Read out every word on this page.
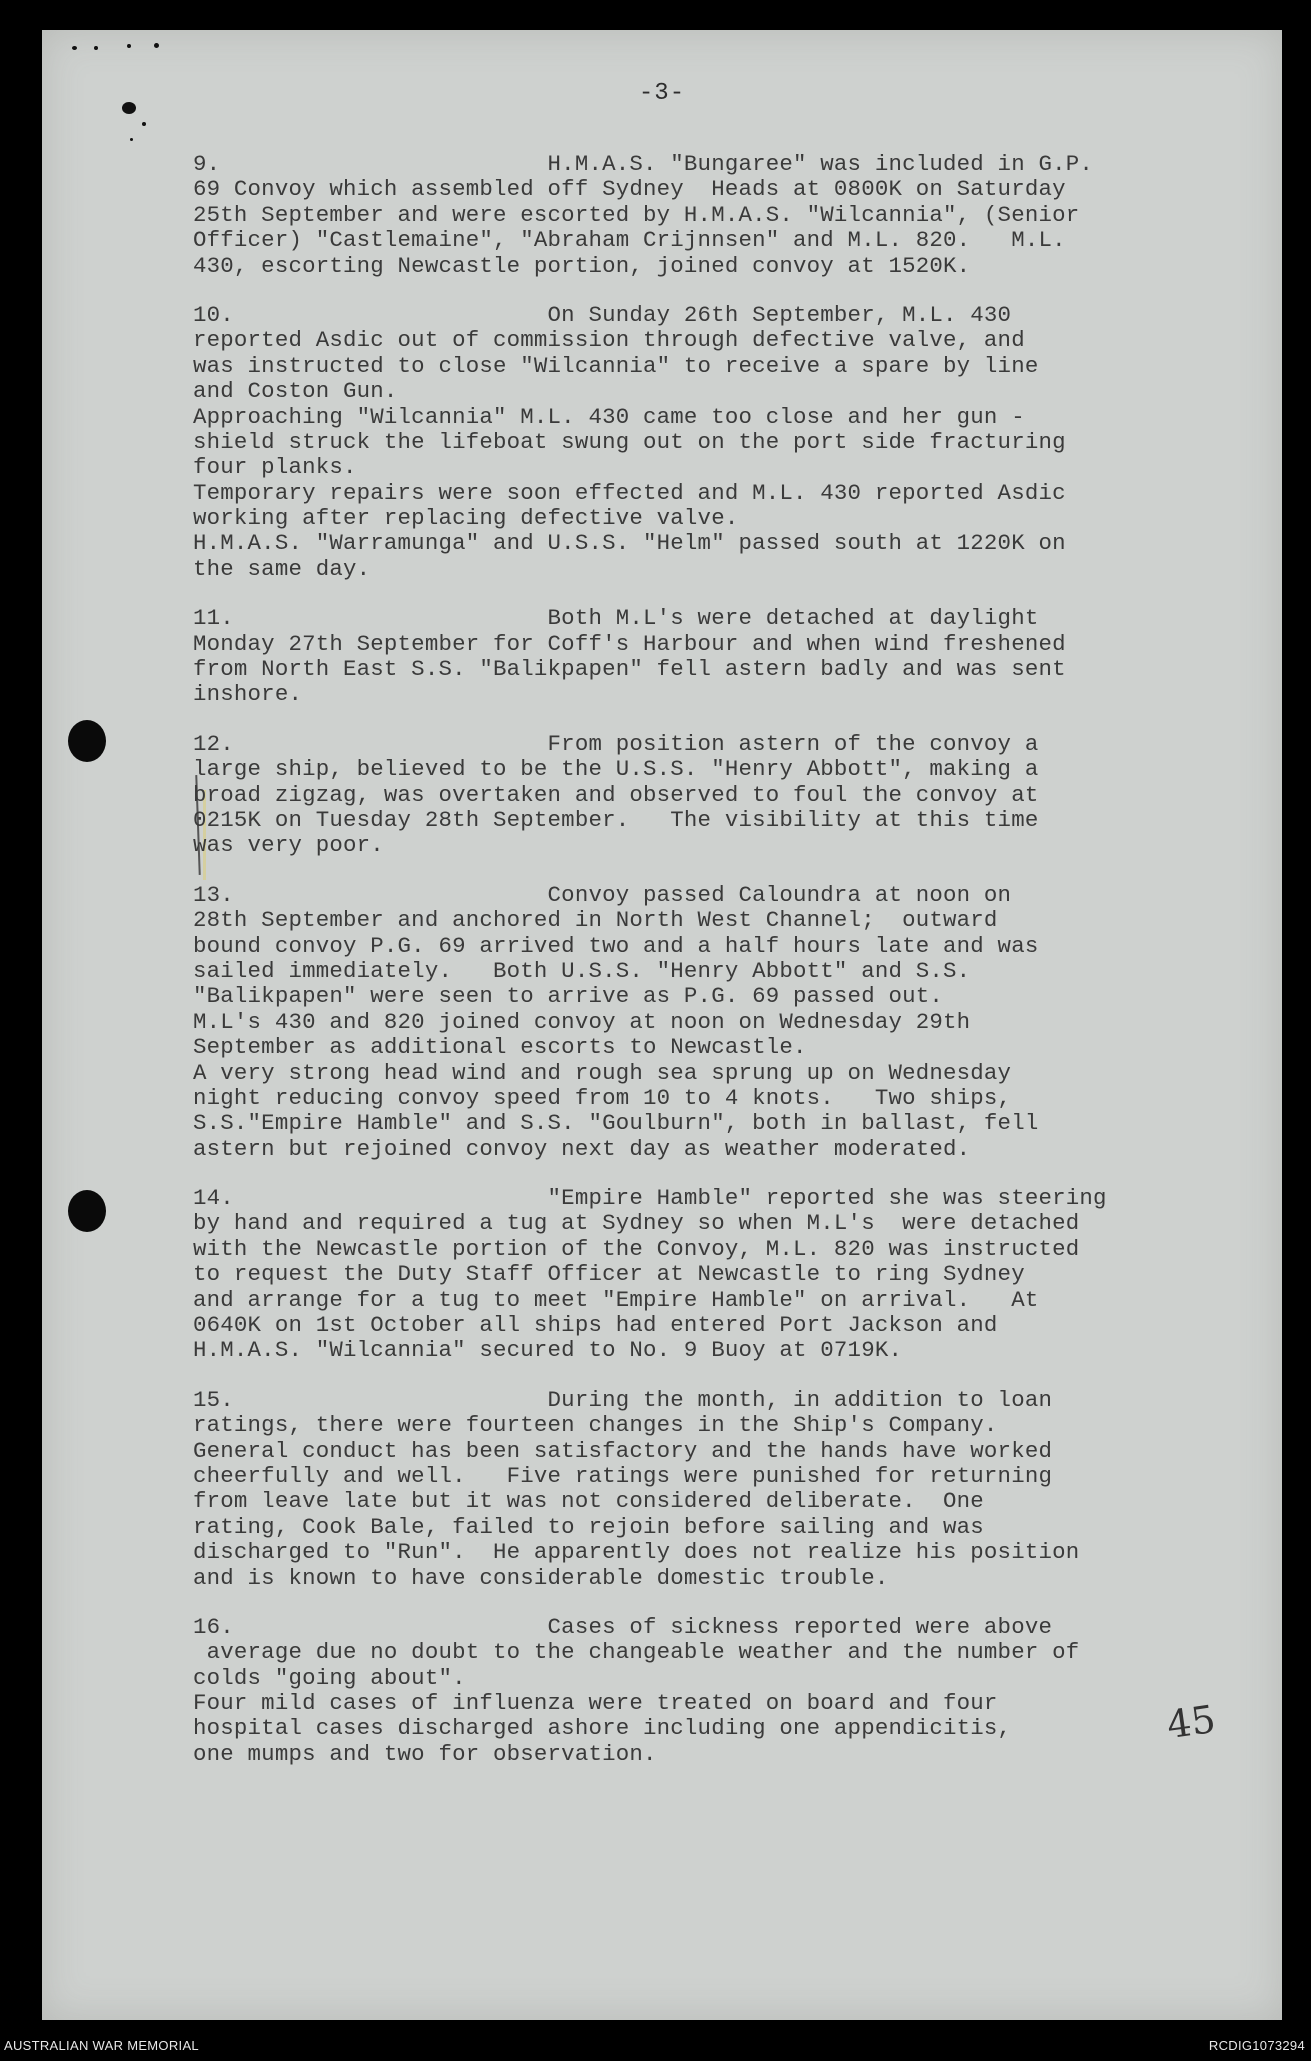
-3-
45
9.                        H.M.A.S. "Bungaree" was included in G.P.
69 Convoy which assembled off Sydney  Heads at 0800K on Saturday
25th September and were escorted by H.M.A.S. "Wilcannia", (Senior
Officer) "Castlemaine", "Abraham Crijnnsen" and M.L. 820.   M.L.
430, escorting Newcastle portion, joined convoy at 1520K.
10.                       On Sunday 26th September, M.L. 430
reported Asdic out of commission through defective valve, and
was instructed to close "Wilcannia" to receive a spare by line
and Coston Gun.
Approaching "Wilcannia" M.L. 430 came too close and her gun -
shield struck the lifeboat swung out on the port side fracturing
four planks.
Temporary repairs were soon effected and M.L. 430 reported Asdic
working after replacing defective valve.
H.M.A.S. "Warramunga" and U.S.S. "Helm" passed south at 1220K on
the same day.
11.                       Both M.L's were detached at daylight
Monday 27th September for Coff's Harbour and when wind freshened
from North East S.S. "Balikpapen" fell astern badly and was sent
inshore.
12.                       From position astern of the convoy a
large ship, believed to be the U.S.S. "Henry Abbott", making a
broad zigzag, was overtaken and observed to foul the convoy at
0215K on Tuesday 28th September.   The visibility at this time
was very poor.
13.                       Convoy passed Caloundra at noon on
28th September and anchored in North West Channel;  outward
bound convoy P.G. 69 arrived two and a half hours late and was
sailed immediately.   Both U.S.S. "Henry Abbott" and S.S.
"Balikpapen" were seen to arrive as P.G. 69 passed out.
M.L's 430 and 820 joined convoy at noon on Wednesday 29th
September as additional escorts to Newcastle.
A very strong head wind and rough sea sprung up on Wednesday
night reducing convoy speed from 10 to 4 knots.   Two ships,
S.S."Empire Hamble" and S.S. "Goulburn", both in ballast, fell
astern but rejoined convoy next day as weather moderated.
14.                       "Empire Hamble" reported she was steering
by hand and required a tug at Sydney so when M.L's  were detached
with the Newcastle portion of the Convoy, M.L. 820 was instructed
to request the Duty Staff Officer at Newcastle to ring Sydney
and arrange for a tug to meet "Empire Hamble" on arrival.   At
0640K on 1st October all ships had entered Port Jackson and
H.M.A.S. "Wilcannia" secured to No. 9 Buoy at 0719K.
15.                       During the month, in addition to loan
ratings, there were fourteen changes in the Ship's Company.
General conduct has been satisfactory and the hands have worked
cheerfully and well.   Five ratings were punished for returning
from leave late but it was not considered deliberate.  One
rating, Cook Bale, failed to rejoin before sailing and was
discharged to "Run".  He apparently does not realize his position
and is known to have considerable domestic trouble.
16.                       Cases of sickness reported were above
average due no doubt to the changeable weather and the number of
colds "going about".
Four mild cases of influenza were treated on board and four
hospital cases discharged ashore including one appendicitis,
one mumps and two for observation.
AUSTRALIAN WAR MEMORIAL	RCDIG1073294
